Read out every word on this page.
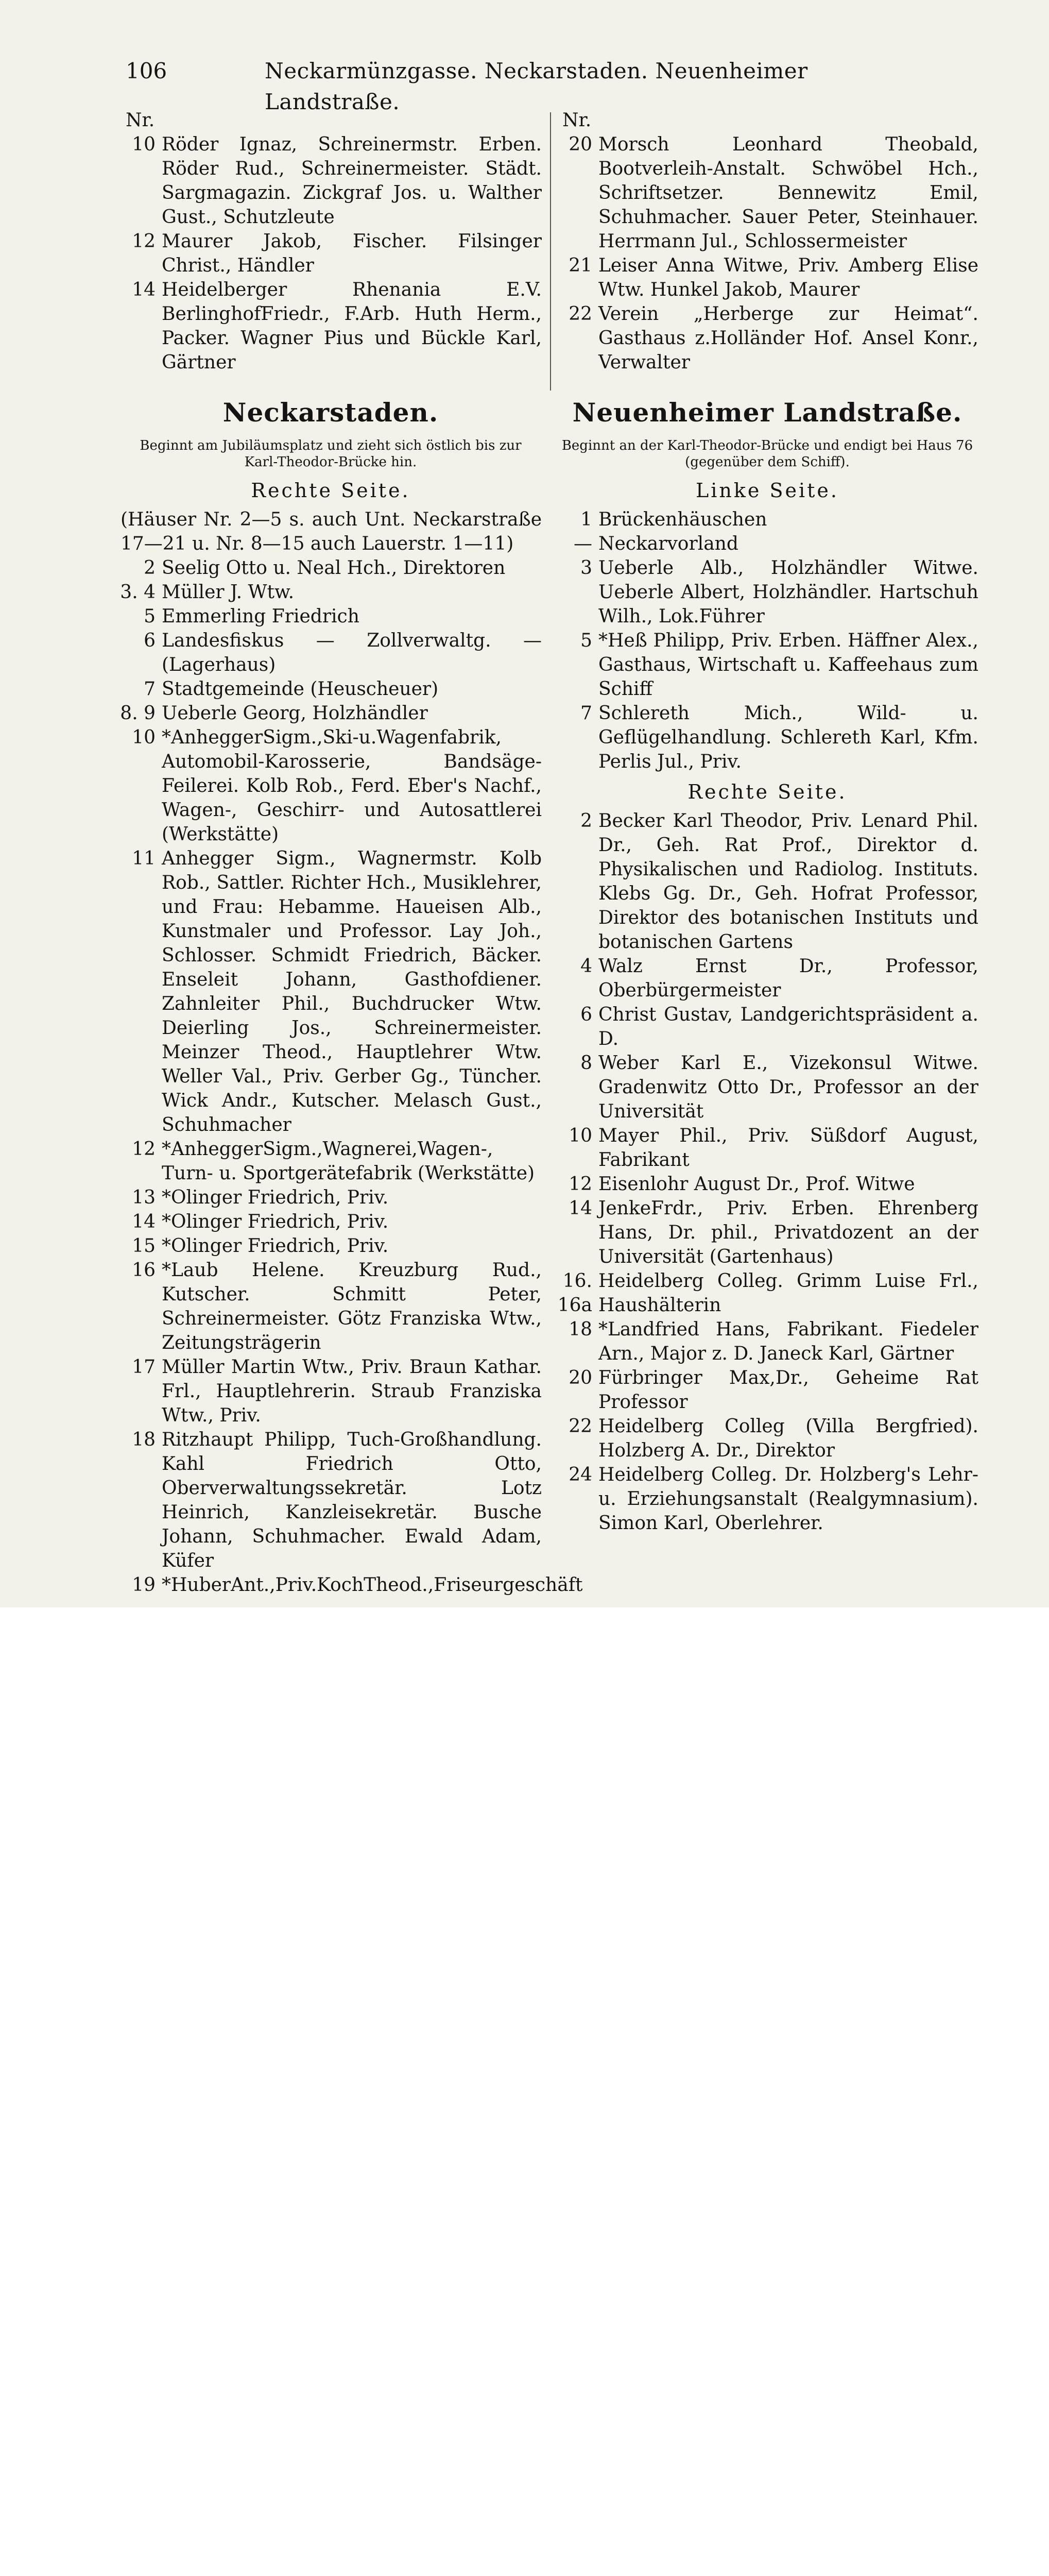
106	Neckarmünzgasse. Neckarstaden. Neuenheimer Landstraße.
Nr.
10 Röder Ignaz, Schreinermstr. Erben. Röder Rud., Schreinermeister. Städt. Sargmagazin. Zickgraf Jos. u. Walther Gust., Schutzleute
12 Maurer Jakob, Fischer. Filsinger Christ., Händler
14 Heidelberger Rhenania E.V. BerlinghofFriedr., F.Arb. Huth Herm., Packer. Wagner Pius und Bückle Karl, Gärtner
Neckarstaden.
Beginnt am Jubiläumsplatz und zieht sich östlich bis zur Karl-Theodor-Brücke hin.
Rechte Seite.
(Häuser Nr. 2—5 s. auch Unt. Neckarstraße 17—21 u. Nr. 8—15 auch Lauerstr. 1—11)
2 Seelig Otto u. Neal Hch., Direktoren
3. 4 Müller J. Wtw.
5 Emmerling Friedrich
6 Landesfiskus — Zollverwaltg. — (Lagerhaus)
7 Stadtgemeinde (Heuscheuer)
8. 9 Ueberle Georg, Holzhändler
10 *AnheggerSigm.,Ski-u.Wagenfabrik, Automobil-Karosserie, Bandsäge-Feilerei. Kolb Rob., Ferd. Eber's Nachf., Wagen-, Geschirr- und Autosattlerei (Werkstätte)
11 Anhegger Sigm., Wagnermstr. Kolb Rob., Sattler. Richter Hch., Musiklehrer, und Frau: Hebamme. Haueisen Alb., Kunstmaler und Professor. Lay Joh., Schlosser. Schmidt Friedrich, Bäcker. Enseleit Johann, Gasthofdiener. Zahnleiter Phil., Buchdrucker Wtw. Deierling Jos., Schreinermeister. Meinzer Theod., Hauptlehrer Wtw. Weller Val., Priv. Gerber Gg., Tüncher. Wick Andr., Kutscher. Melasch Gust., Schuhmacher
12 *AnheggerSigm.,Wagnerei,Wagen-, Turn- u. Sportgerätefabrik (Werkstätte)
13 *Olinger Friedrich, Priv.
14 *Olinger Friedrich, Priv.
15 *Olinger Friedrich, Priv.
16 *Laub Helene. Kreuzburg Rud., Kutscher. Schmitt Peter, Schreinermeister. Götz Franziska Wtw., Zeitungsträgerin
17 Müller Martin Wtw., Priv. Braun Kathar. Frl., Hauptlehrerin. Straub Franziska Wtw., Priv.
18 Ritzhaupt Philipp, Tuch-Großhandlung. Kahl Friedrich Otto, Oberverwaltungssekretär. Lotz Heinrich, Kanzleisekretär. Busche Johann, Schuhmacher. Ewald Adam, Küfer
19 *HuberAnt.,Priv.KochTheod.,Friseurgeschäft
Nr.
20 Morsch Leonhard Theobald, Bootverleih-Anstalt. Schwöbel Hch., Schriftsetzer. Bennewitz Emil, Schuhmacher. Sauer Peter, Steinhauer. Herrmann Jul., Schlossermeister
21 Leiser Anna Witwe, Priv. Amberg Elise Wtw. Hunkel Jakob, Maurer
22 Verein „Herberge zur Heimat“. Gasthaus z.Holländer Hof. Ansel Konr., Verwalter
Neuenheimer Landstraße.
Beginnt an der Karl-Theodor-Brücke und endigt bei Haus 76 (gegenüber dem Schiff).
Linke Seite.
1 Brückenhäuschen
— Neckarvorland
3 Ueberle Alb., Holzhändler Witwe. Ueberle Albert, Holzhändler. Hartschuh Wilh., Lok.Führer
5 *Heß Philipp, Priv. Erben. Häffner Alex., Gasthaus, Wirtschaft u. Kaffeehaus zum Schiff
7 Schlereth Mich., Wild- u. Geflügelhandlung. Schlereth Karl, Kfm. Perlis Jul., Priv.
Rechte Seite.
2 Becker Karl Theodor, Priv. Lenard Phil. Dr., Geh. Rat Prof., Direktor d. Physikalischen und Radiolog. Instituts. Klebs Gg. Dr., Geh. Hofrat Professor, Direktor des botanischen Instituts und botanischen Gartens
4 Walz Ernst Dr., Professor, Oberbürgermeister
6 Christ Gustav, Landgerichtspräsident a. D.
8 Weber Karl E., Vizekonsul Witwe. Gradenwitz Otto Dr., Professor an der Universität
10 Mayer Phil., Priv. Süßdorf August, Fabrikant
12 Eisenlohr August Dr., Prof. Witwe
14 JenkeFrdr., Priv. Erben. Ehrenberg Hans, Dr. phil., Privatdozent an der Universität (Gartenhaus)
16. 16a
Heidelberg Colleg. Grimm Luise Frl., Haushälterin
18 *Landfried Hans, Fabrikant. Fiedeler Arn., Major z. D. Janeck Karl, Gärtner
20 Fürbringer Max,Dr., Geheime Rat Professor
22 Heidelberg Colleg (Villa Bergfried). Holzberg A. Dr., Direktor
24 Heidelberg Colleg. Dr. Holzberg's Lehr- u. Erziehungsanstalt (Realgymnasium). Simon Karl, Oberlehrer.
